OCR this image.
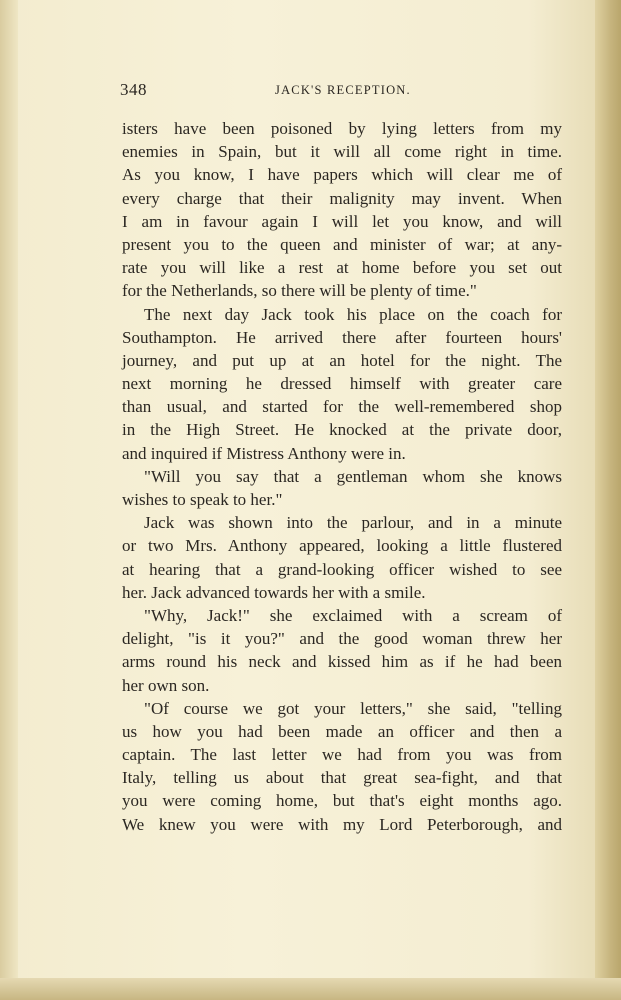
348	JACK'S RECEPTION.
isters have been poisoned by lying letters from my
enemies in Spain, but it will all come right in time.
As you know, I have papers which will clear me of
every charge that their malignity may invent. When
I am in favour again I will let you know, and will
present you to the queen and minister of war; at any-
rate you will like a rest at home before you set out
for the Netherlands, so there will be plenty of time."
The next day Jack took his place on the coach for
Southampton. He arrived there after fourteen hours'
journey, and put up at an hotel for the night. The
next morning he dressed himself with greater care
than usual, and started for the well-remembered shop
in the High Street. He knocked at the private door,
and inquired if Mistress Anthony were in.
"Will you say that a gentleman whom she knows
wishes to speak to her."
Jack was shown into the parlour, and in a minute
or two Mrs. Anthony appeared, looking a little flustered
at hearing that a grand-looking officer wished to see
her. Jack advanced towards her with a smile.
"Why, Jack!" she exclaimed with a scream of
delight, "is it you?" and the good woman threw her
arms round his neck and kissed him as if he had been
her own son.
"Of course we got your letters," she said, "telling
us how you had been made an officer and then a
captain. The last letter we had from you was from
Italy, telling us about that great sea-fight, and that
you were coming home, but that's eight months ago.
We knew you were with my Lord Peterborough, and
